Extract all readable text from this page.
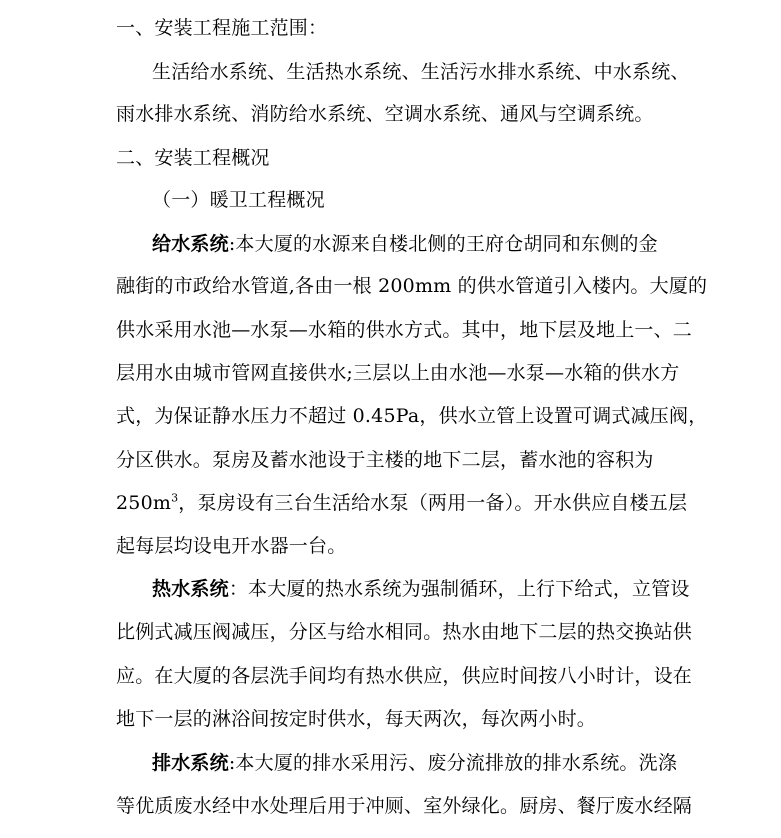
一、安装工程施工范围：
生活给水系统、生活热水系统、生活污水排水系统、中水系统、
雨水排水系统、消防给水系统、空调水系统、通风与空调系统。
二、安装工程概况
（一）暖卫工程概况
给水系统:本大厦的水源来自楼北侧的王府仓胡同和东侧的金
融街的市政给水管道,各由一根 200mm 的供水管道引入楼内。大厦的
供水采用水池—水泵—水箱的供水方式。其中，地下层及地上一、二
层用水由城市管网直接供水;三层以上由水池—水泵—水箱的供水方
式，为保证静水压力不超过 0.45Pa，供水立管上设置可调式减压阀，
分区供水。泵房及蓄水池设于主楼的地下二层，蓄水池的容积为
$250m^3$，泵房设有三台生活给水泵（两用一备）。开水供应自楼五层
起每层均设电开水器一台。
热水系统：本大厦的热水系统为强制循环，上行下给式，立管设
比例式减压阀减压，分区与给水相同。热水由地下二层的热交换站供
应。在大厦的各层洗手间均有热水供应，供应时间按八小时计，设在
地下一层的淋浴间按定时供水，每天两次，每次两小时。
排水系统:本大厦的排水采用污、废分流排放的排水系统。洗涤
等优质废水经中水处理后用于冲厕、室外绿化。厨房、餐厅废水经隔
